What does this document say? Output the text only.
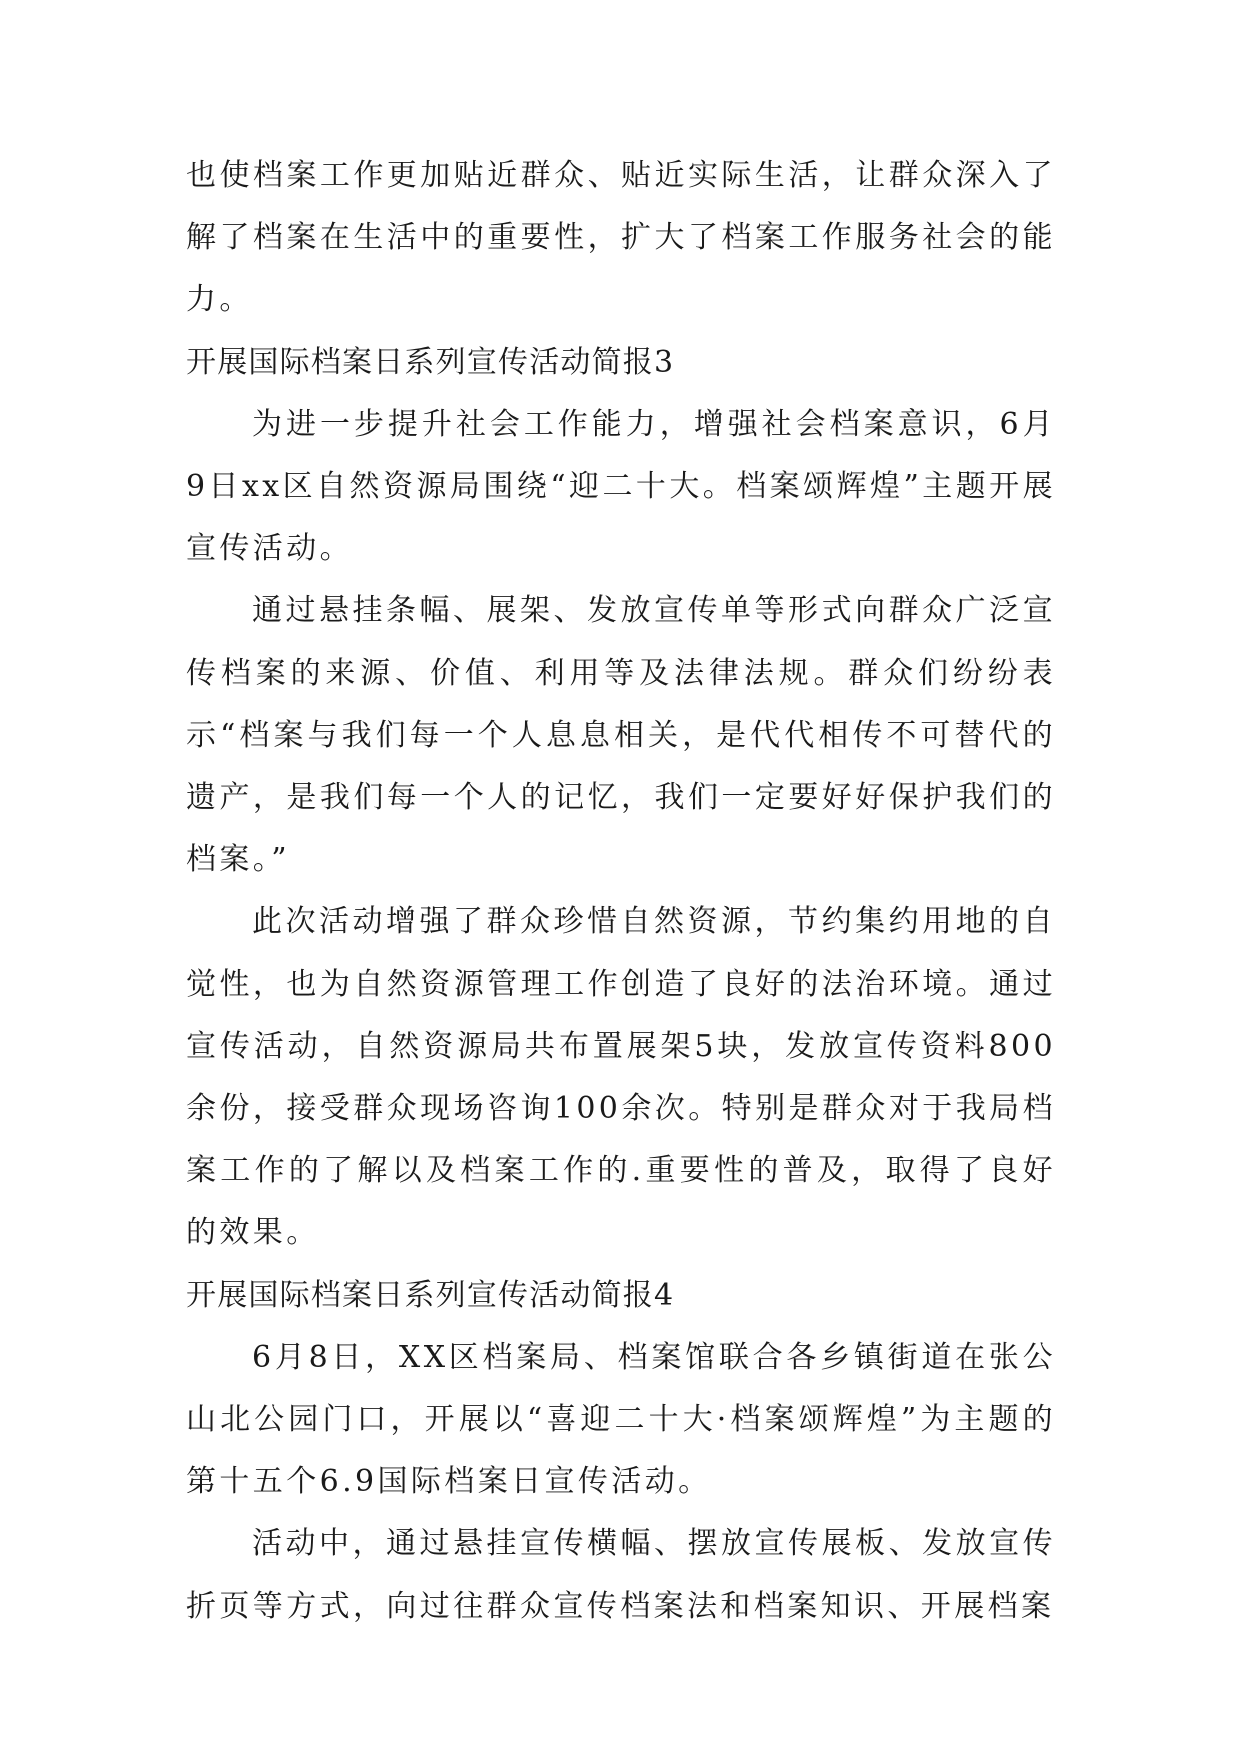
也使档案工作更加贴近群众、贴近实际生活，让群众深入了解了档案在生活中的重要性，扩大了档案工作服务社会的能力。

开展国际档案日系列宣传活动简报3

为进一步提升社会工作能力，增强社会档案意识，6月9日xx区自然资源局围绕“迎二十大。档案颂辉煌”主题开展宣传活动。

通过悬挂条幅、展架、发放宣传单等形式向群众广泛宣传档案的来源、价值、利用等及法律法规。群众们纷纷表示“档案与我们每一个人息息相关，是代代相传不可替代的遗产，是我们每一个人的记忆，我们一定要好好保护我们的档案。”

此次活动增强了群众珍惜自然资源，节约集约用地的自觉性，也为自然资源管理工作创造了良好的法治环境。通过宣传活动，自然资源局共布置展架5块，发放宣传资料800余份，接受群众现场咨询100余次。特别是群众对于我局档案工作的了解以及档案工作的.重要性的普及，取得了良好的效果。

开展国际档案日系列宣传活动简报4

6月8日，XX区档案局、档案馆联合各乡镇街道在张公山北公园门口，开展以“喜迎二十大·档案颂辉煌”为主题的第十五个6.9国际档案日宣传活动。

活动中，通过悬挂宣传横幅、摆放宣传展板、发放宣传折页等方式，向过往群众宣传档案法和档案知识、开展档案
